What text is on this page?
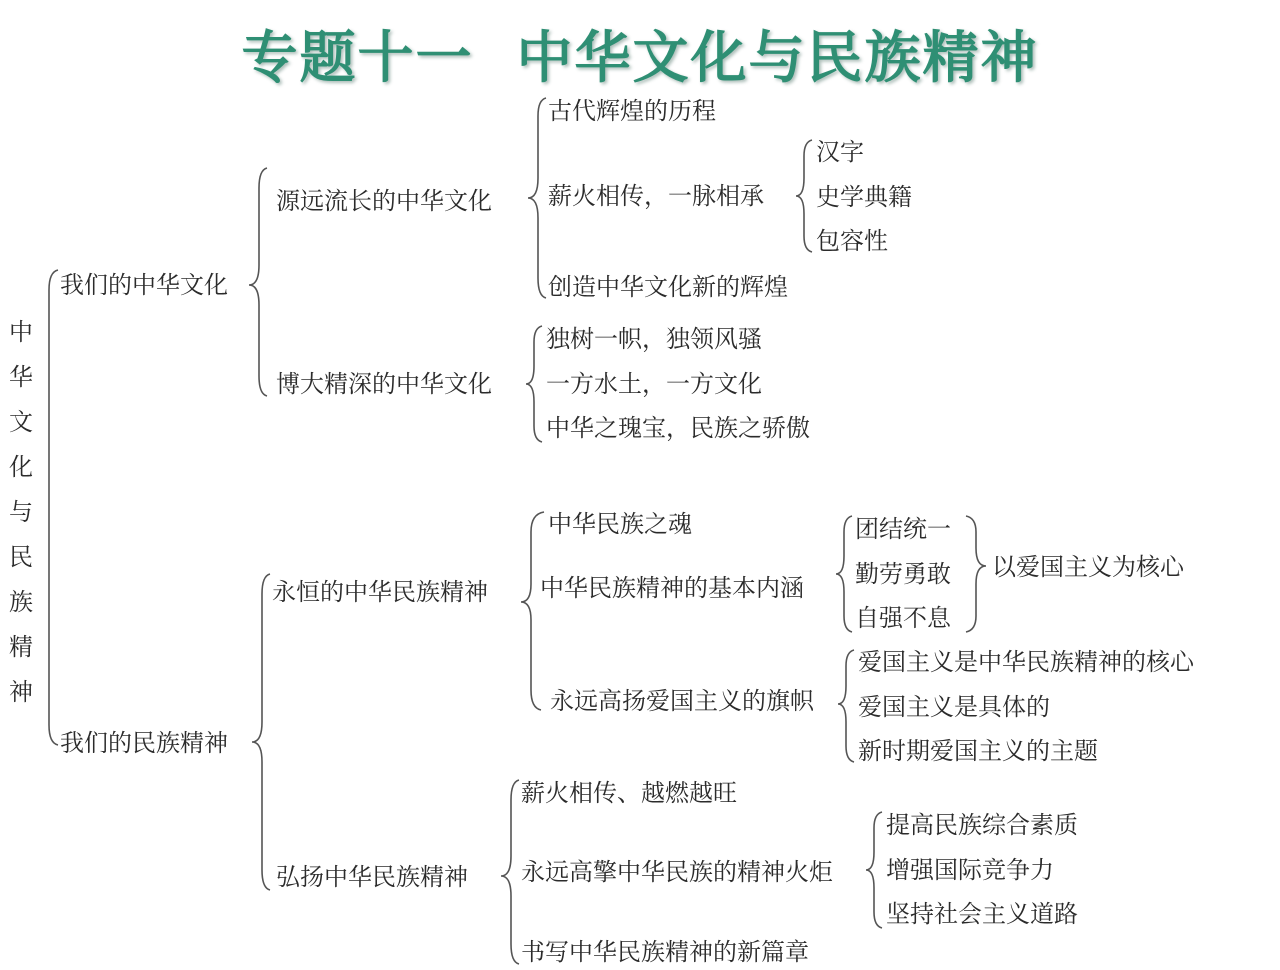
专题十一  中华文化与民族精神
中华文化与民族精神
我们的中华文化
我们的民族精神
源远流长的中华文化
博大精深的中华文化
永恒的中华民族精神
弘扬中华民族精神
古代辉煌的历程
薪火相传，一脉相承
创造中华文化新的辉煌
汉字
史学典籍
包容性
独树一帜，独领风骚
一方水土，一方文化
中华之瑰宝，民族之骄傲
中华民族之魂
中华民族精神的基本内涵
永远高扬爱国主义的旗帜
团结统一
勤劳勇敢
自强不息
以爱国主义为核心
爱国主义是中华民族精神的核心
爱国主义是具体的
新时期爱国主义的主题
薪火相传、越燃越旺
永远高擎中华民族的精神火炬
书写中华民族精神的新篇章
提高民族综合素质
增强国际竞争力
坚持社会主义道路
